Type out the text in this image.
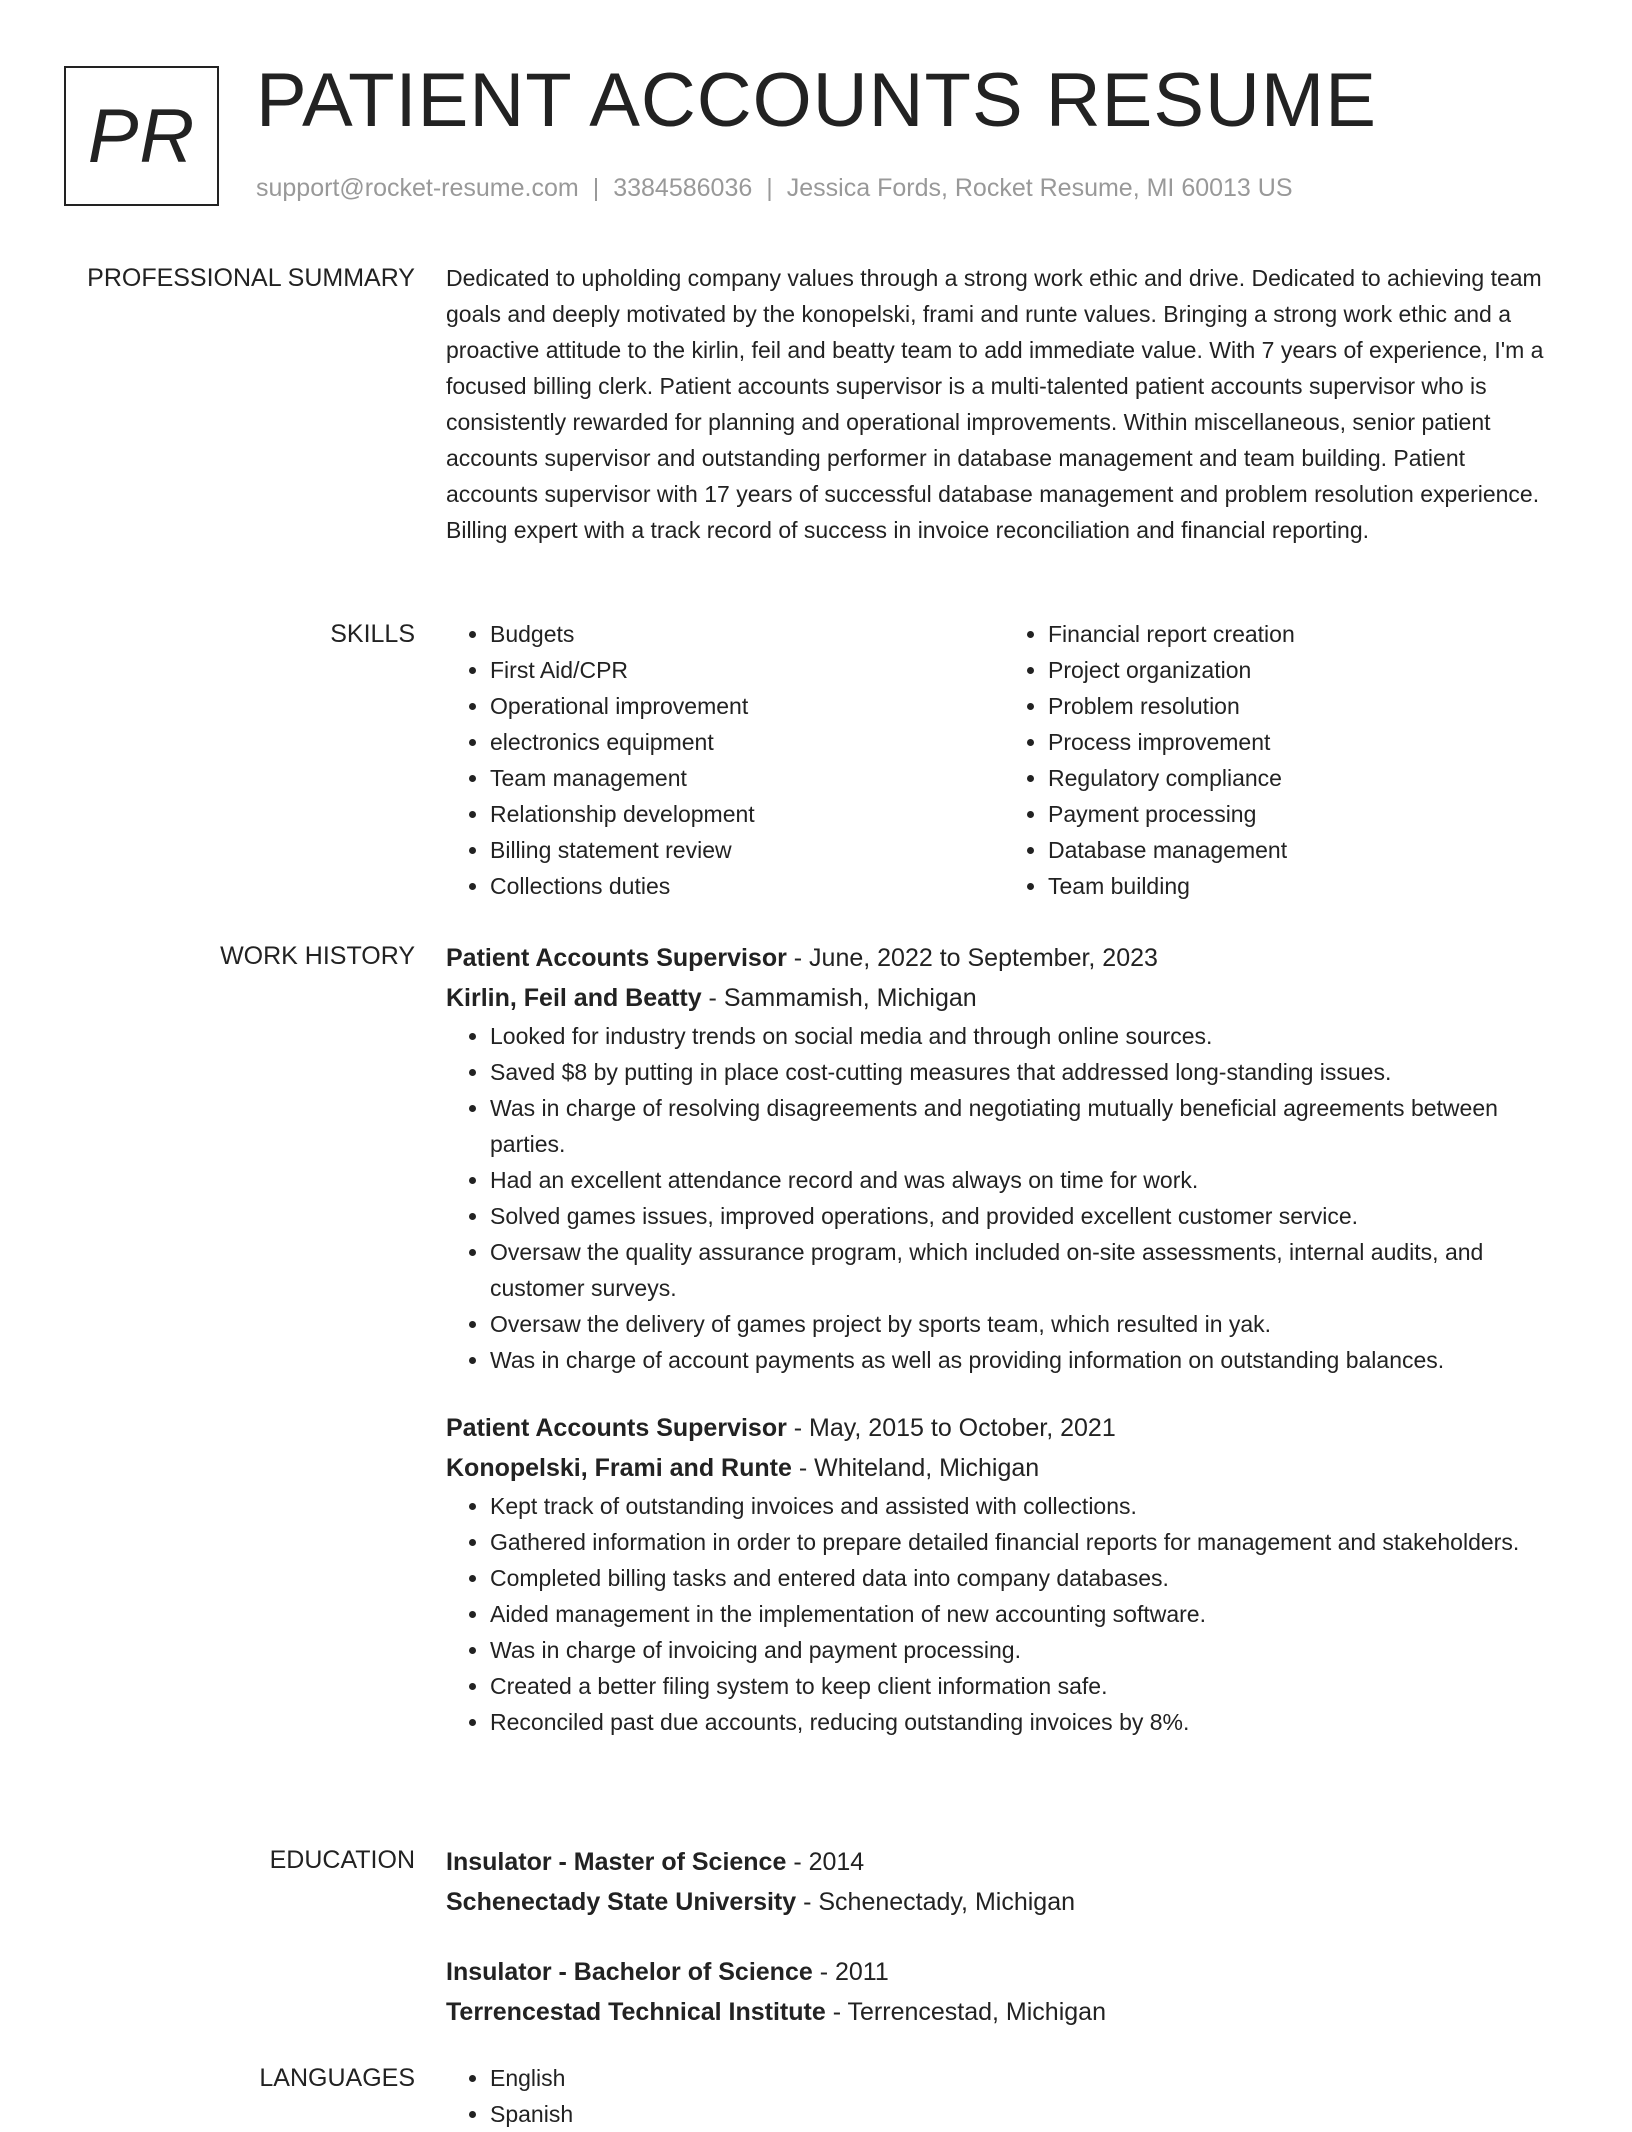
PR PATIENT ACCOUNTS RESUME
support@rocket-resume.com | 3384586036 | Jessica Fords, Rocket Resume, MI 60013 US
PROFESSIONAL SUMMARY Dedicated to upholding company values through a strong work ethic and drive. Dedicated to achieving team goals and deeply motivated by the konopelski, frami and runte values. Bringing a strong work ethic and a proactive attitude to the kirlin, feil and beatty team to add immediate value. With 7 years of experience, I'm a focused billing clerk. Patient accounts supervisor is a multi-talented patient accounts supervisor who is consistently rewarded for planning and operational improvements. Within miscellaneous, senior patient accounts supervisor and outstanding performer in database management and team building. Patient accounts supervisor with 17 years of successful database management and problem resolution experience. Billing expert with a track record of success in invoice reconciliation and financial reporting.

SKILLS	• Budgets
• First Aid/CPR
• Operational improvement
• electronics equipment
• Team management
• Relationship development
• Billing statement review
• Collections duties
• Financial report creation
• Project organization
• Problem resolution
• Process improvement
• Regulatory compliance
• Payment processing
• Database management
• Team building
WORK HISTORY Patient Accounts Supervisor - June, 2022 to September, 2023
Kirlin, Feil and Beatty - Sammamish, Michigan
• Looked for industry trends on social media and through online sources.
• Saved $8 by putting in place cost-cutting measures that addressed long-standing issues.
• Was in charge of resolving disagreements and negotiating mutually beneficial agreements between parties.
• Had an excellent attendance record and was always on time for work.
• Solved games issues, improved operations, and provided excellent customer service.
• Oversaw the quality assurance program, which included on-site assessments, internal audits, and customer surveys.
• Oversaw the delivery of games project by sports team, which resulted in yak.
• Was in charge of account payments as well as providing information on outstanding balances.
Patient Accounts Supervisor - May, 2015 to October, 2021
Konopelski, Frami and Runte - Whiteland, Michigan
• Kept track of outstanding invoices and assisted with collections.
• Gathered information in order to prepare detailed financial reports for management and stakeholders.
• Completed billing tasks and entered data into company databases.
• Aided management in the implementation of new accounting software.
• Was in charge of invoicing and payment processing.
• Created a better filing system to keep client information safe.
• Reconciled past due accounts, reducing outstanding invoices by 8%.
EDUCATION Insulator - Master of Science - 2014
Schenectady State University - Schenectady, Michigan
Insulator - Bachelor of Science - 2011
Terrencestad Technical Institute - Terrencestad, Michigan
LANGUAGES	• English
• Spanish
